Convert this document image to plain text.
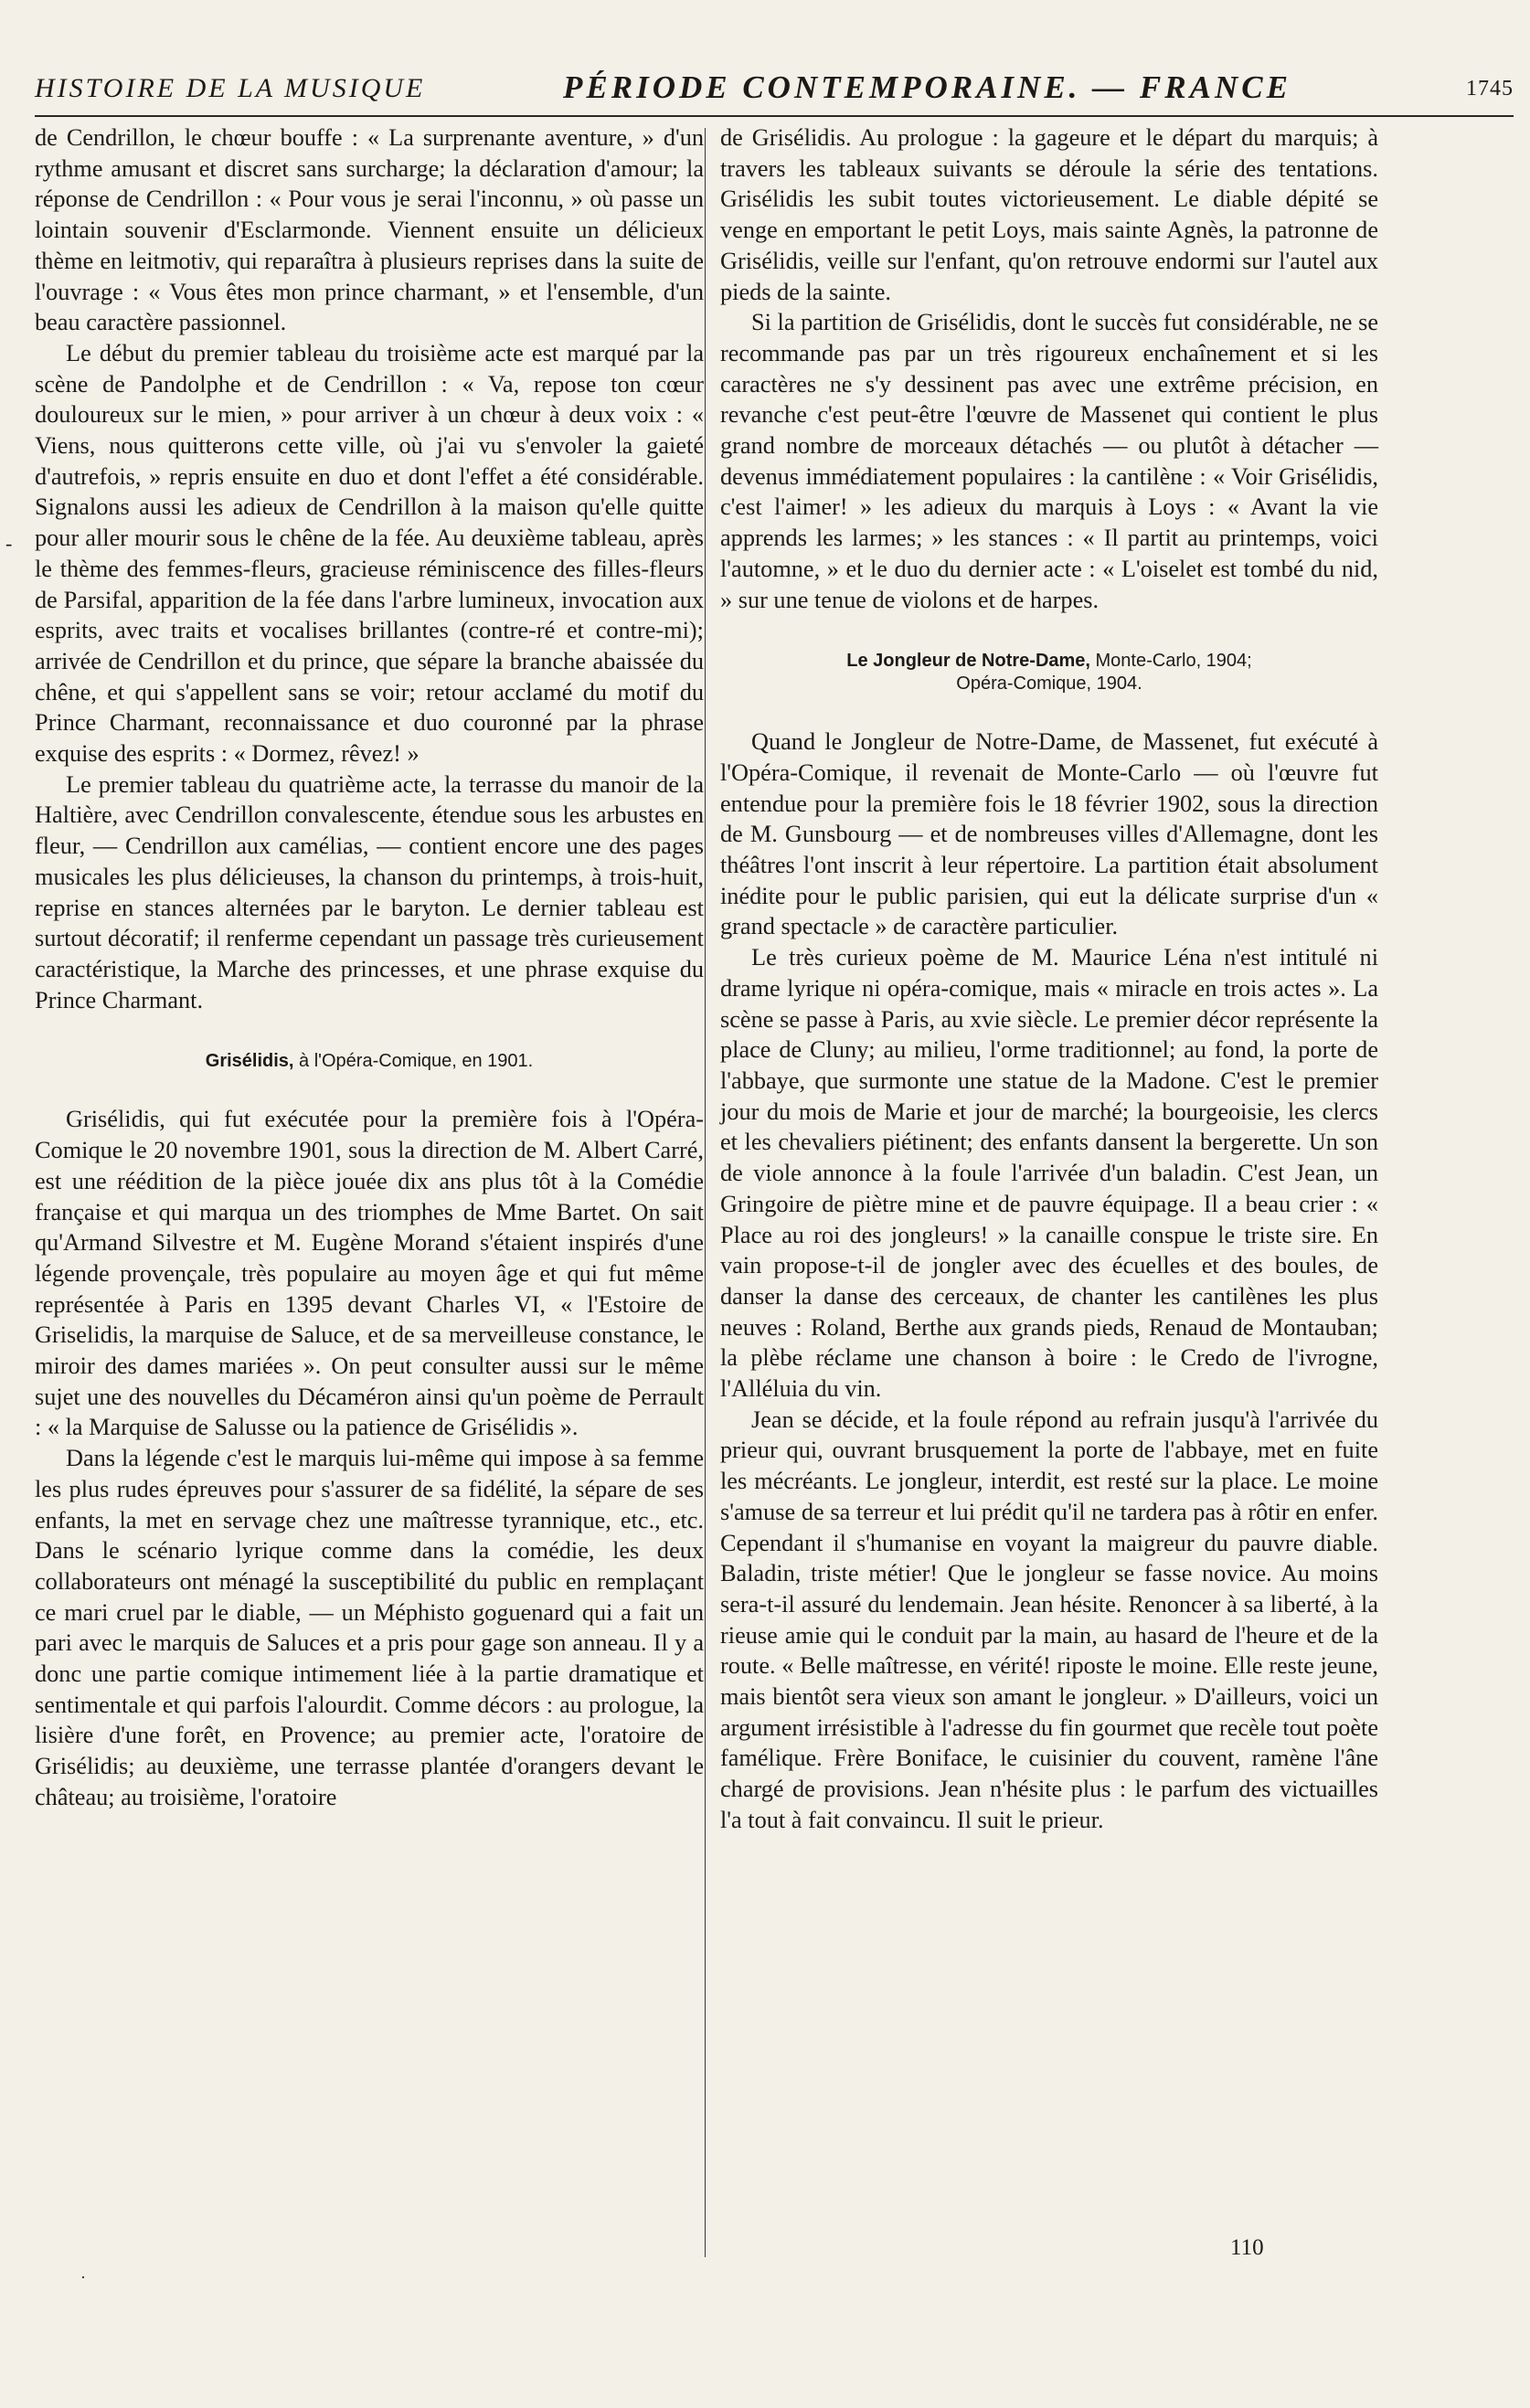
HISTOIRE DE LA MUSIQUE	PÉRIODE CONTEMPORAINE. — FRANCE	1745
-

de Cendrillon, le chœur bouffe : « La surprenante aventure, » d'un rythme amusant et discret sans surcharge; la déclaration d'amour; la réponse de Cendrillon : « Pour vous je serai l'inconnu, » où passe un lointain souvenir d'Esclarmonde. Viennent ensuite un délicieux thème en leitmotiv, qui reparaîtra à plusieurs reprises dans la suite de l'ouvrage : « Vous êtes mon prince charmant, » et l'ensemble, d'un beau caractère passionnel.

Le début du premier tableau du troisième acte est marqué par la scène de Pandolphe et de Cendrillon : « Va, repose ton cœur douloureux sur le mien, » pour arriver à un chœur à deux voix : « Viens, nous quitterons cette ville, où j'ai vu s'envoler la gaieté d'autrefois, » repris ensuite en duo et dont l'effet a été considérable. Signalons aussi les adieux de Cendrillon à la maison qu'elle quitte pour aller mourir sous le chêne de la fée. Au deuxième tableau, après le thème des femmes-fleurs, gracieuse réminiscence des filles-fleurs de Parsifal, apparition de la fée dans l'arbre lumineux, invocation aux esprits, avec traits et vocalises brillantes (contre-ré et contre-mi); arrivée de Cendrillon et du prince, que sépare la branche abaissée du chêne, et qui s'appellent sans se voir; retour acclamé du motif du Prince Charmant, reconnaissance et duo couronné par la phrase exquise des esprits : « Dormez, rêvez! »

Le premier tableau du quatrième acte, la terrasse du manoir de la Haltière, avec Cendrillon convalescente, étendue sous les arbustes en fleur, — Cendrillon aux camélias, — contient encore une des pages musicales les plus délicieuses, la chanson du printemps, à trois-huit, reprise en stances alternées par le baryton. Le dernier tableau est surtout décoratif; il renferme cependant un passage très curieusement caractéristique, la Marche des princesses, et une phrase exquise du Prince Charmant.

Grisélidis, à l'Opéra-Comique, en 1901.

Grisélidis, qui fut exécutée pour la première fois à l'Opéra-Comique le 20 novembre 1901, sous la direction de M. Albert Carré, est une réédition de la pièce jouée dix ans plus tôt à la Comédie française et qui marqua un des triomphes de Mme Bartet. On sait qu'Armand Silvestre et M. Eugène Morand s'étaient inspirés d'une légende provençale, très populaire au moyen âge et qui fut même représentée à Paris en 1395 devant Charles VI, « l'Estoire de Griselidis, la marquise de Saluce, et de sa merveilleuse constance, le miroir des dames mariées ». On peut consulter aussi sur le même sujet une des nouvelles du Décaméron ainsi qu'un poème de Perrault : « la Marquise de Salusse ou la patience de Grisélidis ».

Dans la légende c'est le marquis lui-même qui impose à sa femme les plus rudes épreuves pour s'assurer de sa fidélité, la sépare de ses enfants, la met en servage chez une maîtresse tyrannique, etc., etc. Dans le scénario lyrique comme dans la comédie, les deux collaborateurs ont ménagé la susceptibilité du public en remplaçant ce mari cruel par le diable, — un Méphisto goguenard qui a fait un pari avec le marquis de Saluces et a pris pour gage son anneau. Il y a donc une partie comique intimement liée à la partie dramatique et sentimentale et qui parfois l'alourdit. Comme décors : au prologue, la lisière d'une forêt, en Provence; au premier acte, l'oratoire de Grisélidis; au deuxième, une terrasse plantée d'orangers devant le château; au troisième, l'oratoire

de Grisélidis. Au prologue : la gageure et le départ du marquis; à travers les tableaux suivants se déroule la série des tentations. Grisélidis les subit toutes victorieusement. Le diable dépité se venge en emportant le petit Loys, mais sainte Agnès, la patronne de Grisélidis, veille sur l'enfant, qu'on retrouve endormi sur l'autel aux pieds de la sainte.

Si la partition de Grisélidis, dont le succès fut considérable, ne se recommande pas par un très rigoureux enchaînement et si les caractères ne s'y dessinent pas avec une extrême précision, en revanche c'est peut-être l'œuvre de Massenet qui contient le plus grand nombre de morceaux détachés — ou plutôt à détacher — devenus immédiatement populaires : la cantilène : « Voir Grisélidis, c'est l'aimer! » les adieux du marquis à Loys : « Avant la vie apprends les larmes; » les stances : « Il partit au printemps, voici l'automne, » et le duo du dernier acte : « L'oiselet est tombé du nid, » sur une tenue de violons et de harpes.

Le Jongleur de Notre-Dame, Monte-Carlo, 1904;
Opéra-Comique, 1904.

Quand le Jongleur de Notre-Dame, de Massenet, fut exécuté à l'Opéra-Comique, il revenait de Monte-Carlo — où l'œuvre fut entendue pour la première fois le 18 février 1902, sous la direction de M. Gunsbourg — et de nombreuses villes d'Allemagne, dont les théâtres l'ont inscrit à leur répertoire. La partition était absolument inédite pour le public parisien, qui eut la délicate surprise d'un « grand spectacle » de caractère particulier.

Le très curieux poème de M. Maurice Léna n'est intitulé ni drame lyrique ni opéra-comique, mais « miracle en trois actes ». La scène se passe à Paris, au xvie siècle. Le premier décor représente la place de Cluny; au milieu, l'orme traditionnel; au fond, la porte de l'abbaye, que surmonte une statue de la Madone. C'est le premier jour du mois de Marie et jour de marché; la bourgeoisie, les clercs et les chevaliers piétinent; des enfants dansent la bergerette. Un son de viole annonce à la foule l'arrivée d'un baladin. C'est Jean, un Gringoire de piètre mine et de pauvre équipage. Il a beau crier : « Place au roi des jongleurs! » la canaille conspue le triste sire. En vain propose-t-il de jongler avec des écuelles et des boules, de danser la danse des cerceaux, de chanter les cantilènes les plus neuves : Roland, Berthe aux grands pieds, Renaud de Montauban; la plèbe réclame une chanson à boire : le Credo de l'ivrogne, l'Alléluia du vin.

Jean se décide, et la foule répond au refrain jusqu'à l'arrivée du prieur qui, ouvrant brusquement la porte de l'abbaye, met en fuite les mécréants. Le jongleur, interdit, est resté sur la place. Le moine s'amuse de sa terreur et lui prédit qu'il ne tardera pas à rôtir en enfer. Cependant il s'humanise en voyant la maigreur du pauvre diable. Baladin, triste métier! Que le jongleur se fasse novice. Au moins sera-t-il assuré du lendemain. Jean hésite. Renoncer à sa liberté, à la rieuse amie qui le conduit par la main, au hasard de l'heure et de la route. « Belle maîtresse, en vérité! riposte le moine. Elle reste jeune, mais bientôt sera vieux son amant le jongleur. » D'ailleurs, voici un argument irrésistible à l'adresse du fin gourmet que recèle tout poète famélique. Frère Boniface, le cuisinier du couvent, ramène l'âne chargé de provisions. Jean n'hésite plus : le parfum des victuailles l'a tout à fait convaincu. Il suit le prieur.

110
·
